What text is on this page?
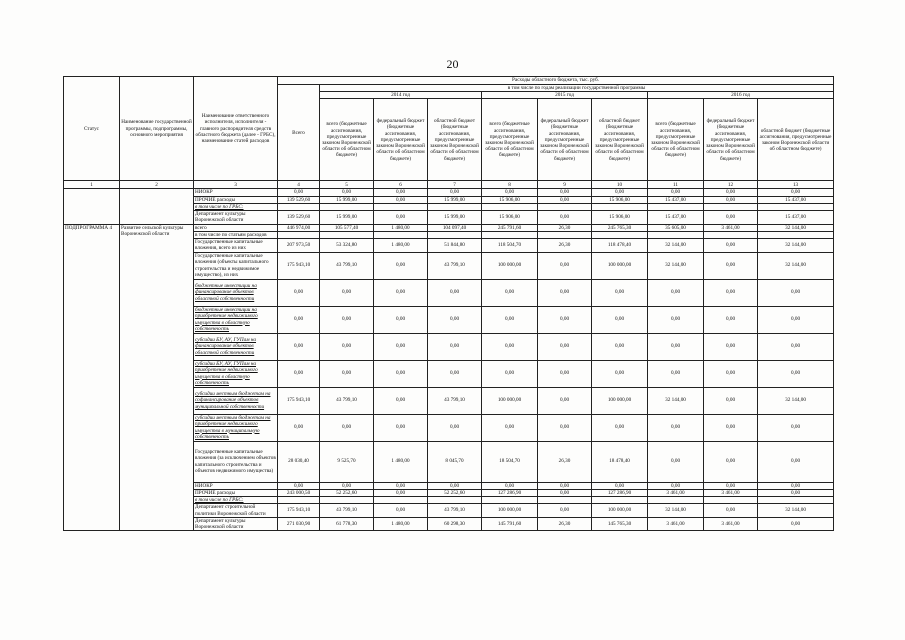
20
Статус	Наименование государственной программы, подпрограммы, основного мероприятия	Наименование ответственного исполнителя, исполнителя - главного распорядителя средств областного бюджета (далее - ГРБС), наименование статей расходов	Расходы областного бюджета, тыс. руб.									
			Всего	в том числе по годам реализации государственной программы								
				2014 год			2015 год			2016 год		
				всего (бюджетные ассигнования, предусмотренные законом Воронежской области об областном бюджете)	федеральный бюджет (бюджетные ассигнования, предусмотренные законом Воронежской области об областном бюджете)	областной бюджет (бюджетные ассигнования, предусмотренные законом Воронежской области об областном бюджете)	всего (бюджетные ассигнования, предусмотренные законом Воронежской области об областном бюджете)	федеральный бюджет (бюджетные ассигнования, предусмотренные законом Воронежской области об областном бюджете)	областной бюджет (бюджетные ассигнования, предусмотренные законом Воронежской области об областном бюджете)	всего (бюджетные ассигнования, предусмотренные законом Воронежской области об областном бюджете)	федеральный бюджет (бюджетные ассигнования, предусмотренные законом Воронежской области об областном бюджете)	областной бюджет (бюджетные ассигнования, предусмотренные законом Воронежской области об областном бюджете)
1	2	3	4	5	6	7	8	9	10	11	12	13
		НИОКР	0,00	0,00	0,00	0,00	0,00	0,00	0,00	0,00	0,00	0,00
		ПРОЧИЕ расходы	139 529,60	15 999,00	0,00	15 999,00	15 906,00	0,00	15 906,00	15 437,00	0,00	15 437,00
		в том числе по ГРБС:										
		Департамент культуры Воронежской области	139 529,60	15 999,00	0,00	15 999,00	15 906,00	0,00	15 906,00	15 437,00	0,00	15 437,00
ПОДПРОГРАММА 4	Развитие сельской культуры Воронежской области	всего	446 974,00	105 577,40	1 480,00	104 097,40	245 791,60	26,30	245 765,30	35 605,00	3 461,00	32 144,00
		в том числе по статьям расходов										
		Государственные капитальные вложения, всего из них	207 973,50	53 324,80	1 480,00	51 844,80	118 504,70	26,30	118 478,40	32 144,00	0,00	32 144,00
		Государственные капитальные вложения (объекты капитального строительства и недвижимое имущество), из них	175 943,10	43 799,10	0,00	43 799,10	100 000,00	0,00	100 000,00	32 144,00	0,00	32 144,00
		бюджетные инвестиции на финансирование объектов областной собственности	0,00	0,00	0,00	0,00	0,00	0,00	0,00	0,00	0,00	0,00
		бюджетные инвестиции на приобретение недвижимого имущества в областную собственность	0,00	0,00	0,00	0,00	0,00	0,00	0,00	0,00	0,00	0,00
		субсидии БУ, АУ, ГУПам на финансирование объектов областной собственности	0,00	0,00	0,00	0,00	0,00	0,00	0,00	0,00	0,00	0,00
		субсидии БУ, АУ, ГУПам на приобретение недвижимого имущества в областную собственность	0,00	0,00	0,00	0,00	0,00	0,00	0,00	0,00	0,00	0,00
		субсидии местным бюджетам на софинансирование объектов муниципальной собственности	175 943,10	43 799,10	0,00	43 799,10	100 000,00	0,00	100 000,00	32 144,00	0,00	32 144,00
		субсидии местным бюджетам на приобретение недвижимого имущества в муниципальную собственность	0,00	0,00	0,00	0,00	0,00	0,00	0,00	0,00	0,00	0,00
		Государственные капитальные вложения (за исключением объектов капитального строительства и объектов недвижимого имущества)	28 030,40	9 525,70	1 480,00	8 045,70	18 504,70	26,30	18 478,40	0,00	0,00	0,00
		НИОКР	0,00	0,00	0,00	0,00	0,00	0,00	0,00	0,00	0,00	0,00
		ПРОЧИЕ расходы	243 000,50	52 252,60	0,00	52 252,60	127 286,90	0,00	127 286,90	3 461,00	3 461,00	0,00
		в том числе по ГРБС:										
		Департамент строительной политики Воронежской области	175 943,10	43 799,10	0,00	43 799,10	100 000,00	0,00	100 000,00	32 144,00	0,00	32 144,00
		Департамент культуры Воронежской области	271 030,90	61 778,30	1 480,00	60 298,30	145 791,60	26,30	145 765,30	3 461,00	3 461,00	0,00
